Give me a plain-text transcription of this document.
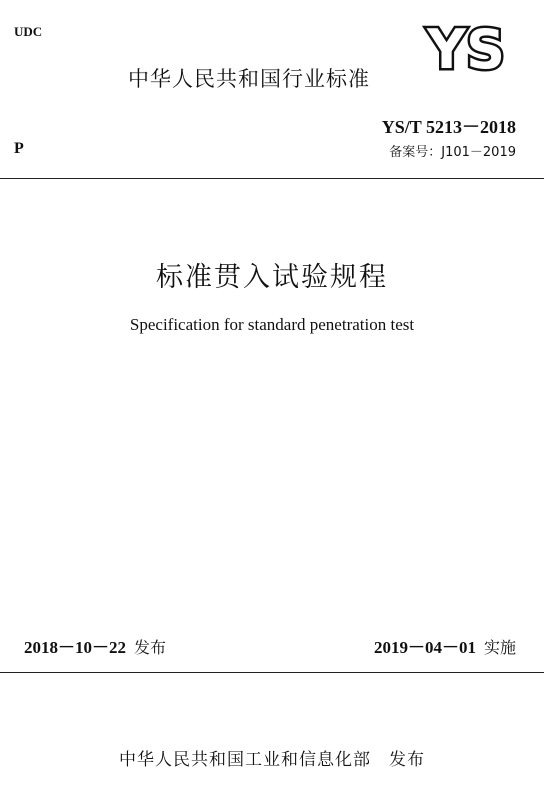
UDC	YS
中华人民共和国行业标准
P
YS/T 5213－2018
备案号：J101－2019
标准贯入试验规程
Specification for standard penetration test
2018－10－22 发布	2019－04－01 实施
中华人民共和国工业和信息化部　发布
